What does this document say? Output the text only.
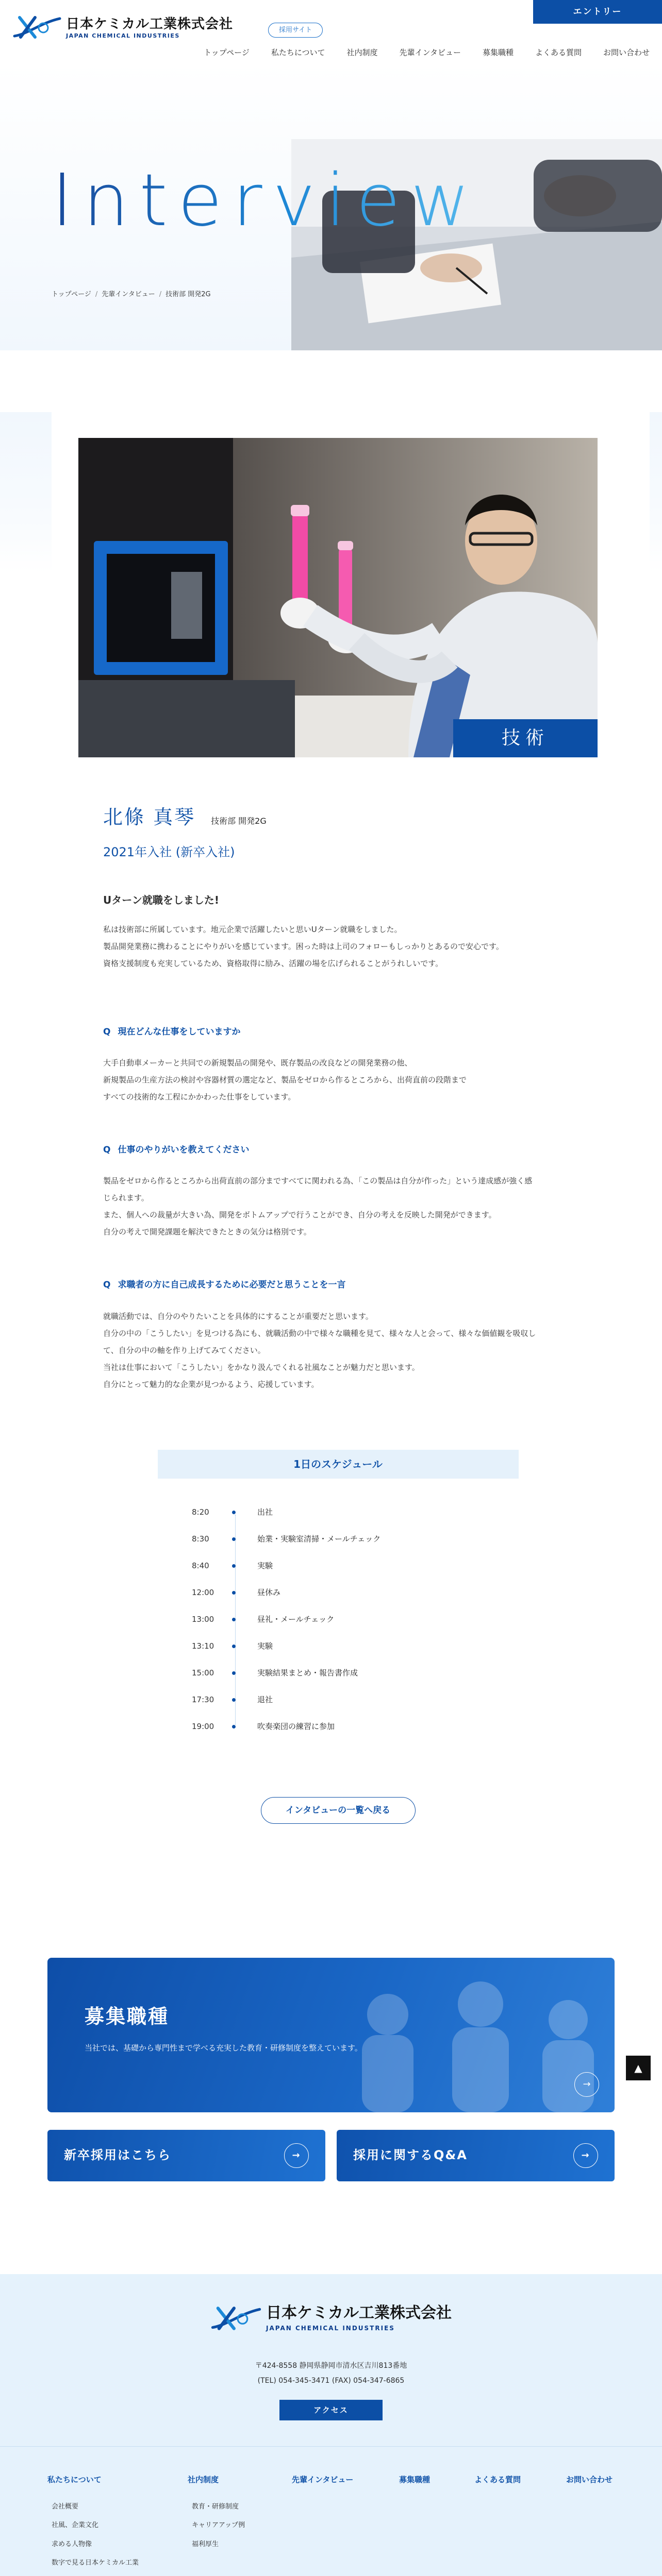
日本ケミカル工業株式会社
JAPAN CHEMICAL INDUSTRIES
採用サイト
エントリー
トップページ	私たちについて	社内制度	先輩インタビュー	募集職種	よくある質問	お問い合わせ
Interview
トップページ / 先輩インタビュー / 技術部 開発2G
技術
北條 真琴 技術部 開発2G
2021年入社 (新卒入社)
Uターン就職をしました!

私は技術部に所属しています。地元企業で活躍したいと思いUターン就職をしました。
製品開発業務に携わることにやりがいを感じています。困った時は上司のフォローもしっかりとあるので安心です。
資格支援制度も充実しているため、資格取得に励み、活躍の場を広げられることがうれしいです。

Q 現在どんな仕事をしていますか

大手自動車メーカーと共同での新規製品の開発や、既存製品の改良などの開発業務の他、
新規製品の生産方法の検討や容器材質の選定など、製品をゼロから作るところから、出荷直前の段階まで
すべての技術的な工程にかかわった仕事をしています。

Q 仕事のやりがいを教えてください

製品をゼロから作るところから出荷直前の部分まですべてに関われる為、「この製品は自分が作った」という達成感が強く感じられます。
また、個人への裁量が大きい為、開発をボトムアップで行うことができ、自分の考えを反映した開発ができます。
自分の考えで開発課題を解決できたときの気分は格別です。

Q 求職者の方に自己成長するために必要だと思うことを一言

就職活動では、自分のやりたいことを具体的にすることが重要だと思います。
自分の中の「こうしたい」を見つける為にも、就職活動の中で様々な職種を見て、様々な人と会って、様々な価値観を吸収して、自分の中の軸を作り上げてみてください。
当社は仕事において「こうしたい」をかなり汲んでくれる社風なことが魅力だと思います。
自分にとって魅力的な企業が見つかるよう、応援しています。

1日のスケジュール
8:20	出社
8:30	始業・実験室清掃・メールチェック
8:40	実験
12:00	昼休み
13:00	昼礼・メールチェック
13:10	実験
15:00	実験結果まとめ・報告書作成
17:30	退社
19:00	吹奏楽団の練習に参加
インタビューの一覧へ戻る
募集職種
当社では、基礎から専門性まで学べる充実した教育・研修制度を整えています。
→
新卒採用はこちら	→	採用に関するQ&A	→
▲
日本ケミカル工業株式会社
JAPAN CHEMICAL INDUSTRIES
〒424-8558 静岡県静岡市清水区吉川813番地
(TEL) 054-345-3471 (FAX) 054-347-6865
アクセス
私たちについて
会社概要
社風、企業文化
求める人物像
数字で見る日本ケミカル工業
社内制度
教育・研修制度
キャリアアップ例
福利厚生
先輩インタビュー	募集職種	よくある質問	お問い合わせ
